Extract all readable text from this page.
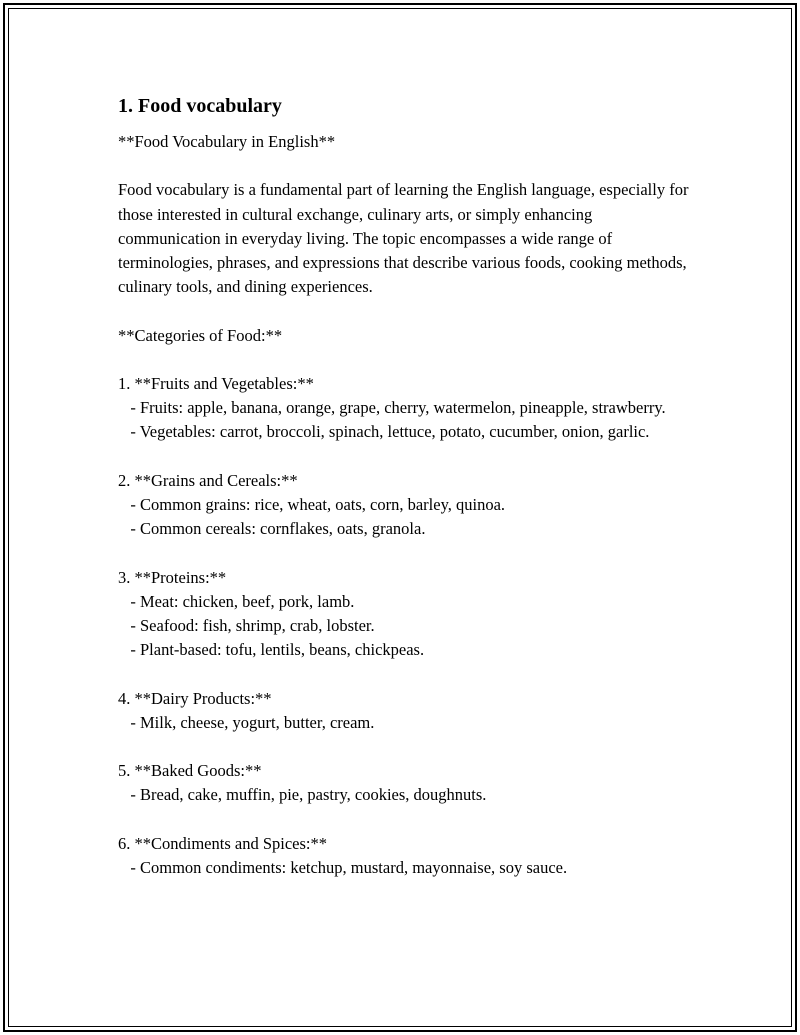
1. Food vocabulary

**Food Vocabulary in English**

Food vocabulary is a fundamental part of learning the English language, especially for those interested in cultural exchange, culinary arts, or simply enhancing communication in everyday living. The topic encompasses a wide range of terminologies, phrases, and expressions that describe various foods, cooking methods, culinary tools, and dining experiences.

**Categories of Food:**

1. **Fruits and Vegetables:**

- Fruits: apple, banana, orange, grape, cherry, watermelon, pineapple, strawberry.

- Vegetables: carrot, broccoli, spinach, lettuce, potato, cucumber, onion, garlic.

2. **Grains and Cereals:**

- Common grains: rice, wheat, oats, corn, barley, quinoa.

- Common cereals: cornflakes, oats, granola.

3. **Proteins:**

- Meat: chicken, beef, pork, lamb.

- Seafood: fish, shrimp, crab, lobster.

- Plant-based: tofu, lentils, beans, chickpeas.

4. **Dairy Products:**

- Milk, cheese, yogurt, butter, cream.

5. **Baked Goods:**

- Bread, cake, muffin, pie, pastry, cookies, doughnuts.

6. **Condiments and Spices:**

- Common condiments: ketchup, mustard, mayonnaise, soy sauce.
